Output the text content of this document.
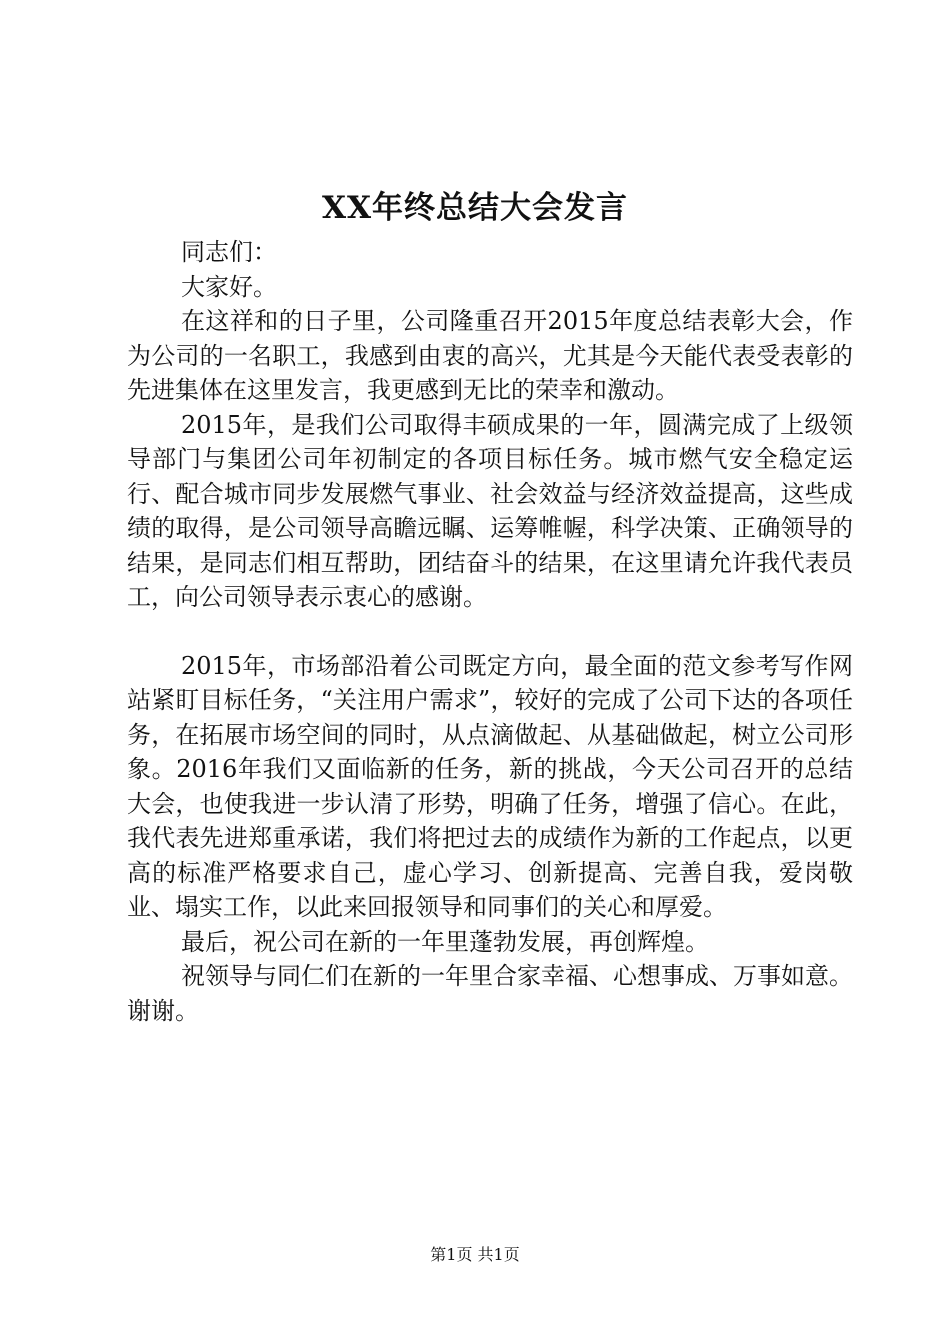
XX年终总结大会发言

同志们：

大家好。

在这祥和的日子里，公司隆重召开2015年度总结表彰大会，作为公司的一名职工，我感到由衷的高兴，尤其是今天能代表受表彰的先进集体在这里发言，我更感到无比的荣幸和激动。

2015年，是我们公司取得丰硕成果的一年，圆满完成了上级领导部门与集团公司年初制定的各项目标任务。城市燃气安全稳定运行、配合城市同步发展燃气事业、社会效益与经济效益提高，这些成绩的取得，是公司领导高瞻远瞩、运筹帷幄，科学决策、正确领导的结果，是同志们相互帮助，团结奋斗的结果，在这里请允许我代表员工，向公司领导表示衷心的感谢。

2015年，市场部沿着公司既定方向，最全面的范文参考写作网站紧盯目标任务，“关注用户需求”，较好的完成了公司下达的各项任务，在拓展市场空间的同时，从点滴做起、从基础做起，树立公司形象。2016年我们又面临新的任务，新的挑战，今天公司召开的总结大会，也使我进一步认清了形势，明确了任务，增强了信心。在此，我代表先进郑重承诺，我们将把过去的成绩作为新的工作起点，以更高的标准严格要求自己，虚心学习、创新提高、完善自我，爱岗敬业、塌实工作，以此来回报领导和同事们的关心和厚爱。

最后，祝公司在新的一年里蓬勃发展，再创辉煌。

祝领导与同仁们在新的一年里合家幸福、心想事成、万事如意。谢谢。

第1页 共1页
